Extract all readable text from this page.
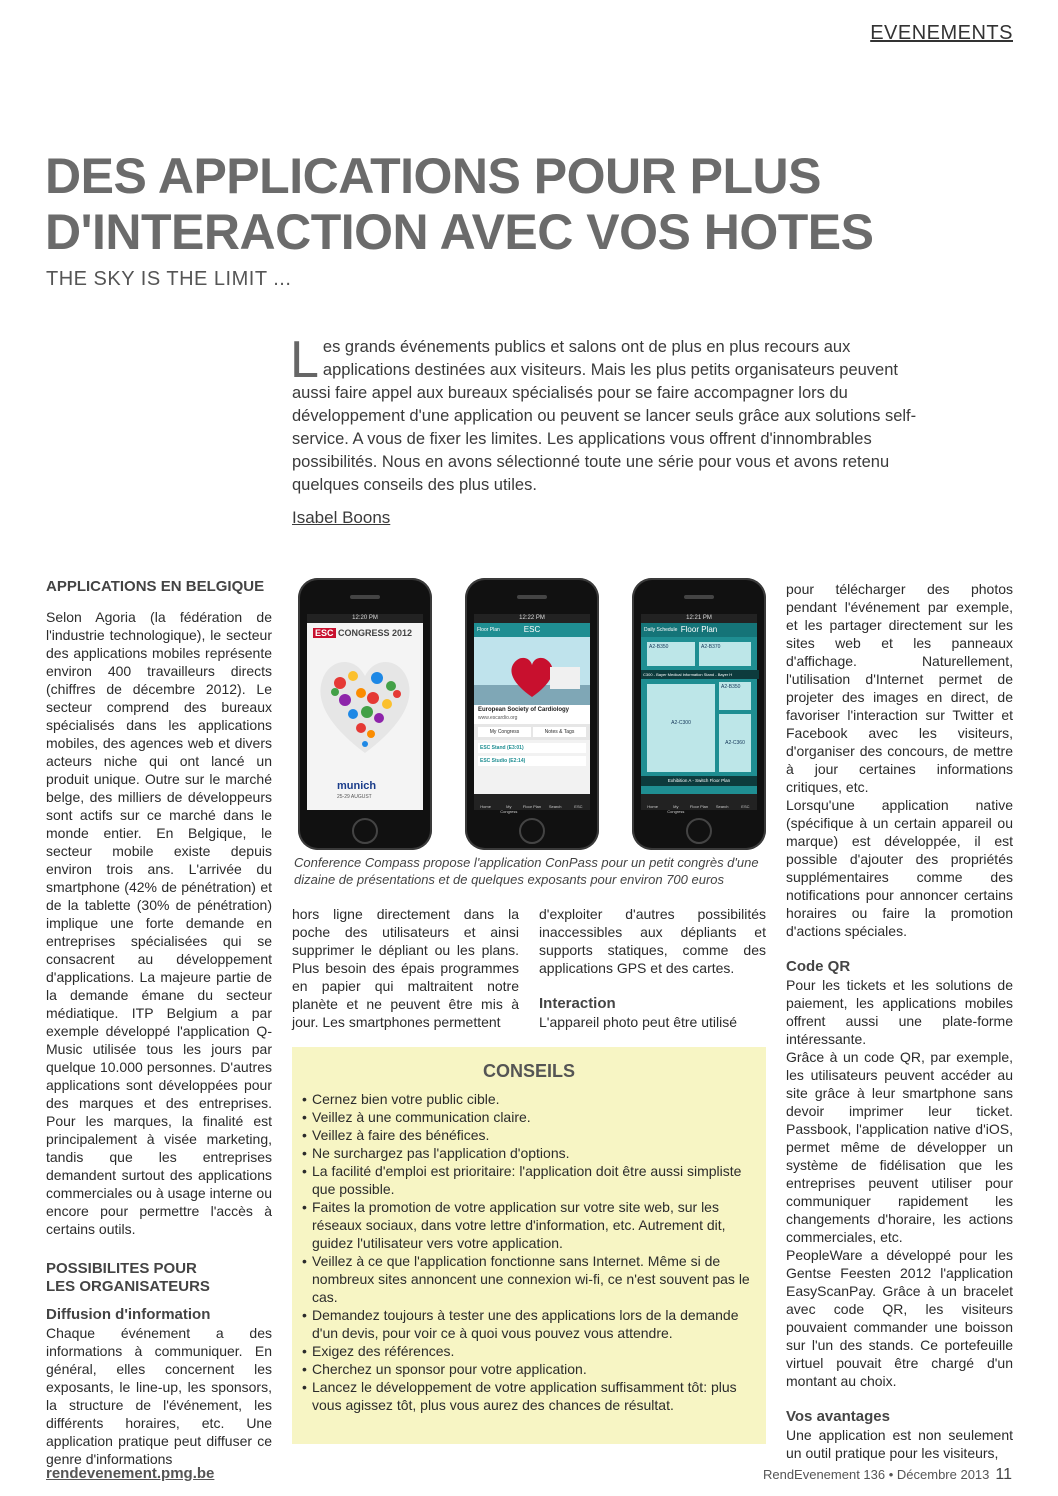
EVENEMENTS
DES APPLICATIONS POUR PLUS
D'INTERACTION AVEC VOS HOTES
THE SKY IS THE LIMIT ...

Les grands événements publics et salons ont de plus en plus recours aux applications destinées aux visiteurs. Mais les plus petits organisateurs peuvent aussi faire appel aux bureaux spécialisés pour se faire accompagner lors du développement d'une application ou peuvent se lancer seuls grâce aux solutions self-service. A vous de fixer les limites. Les applications vous offrent d'innombrables possibilités. Nous en avons sélectionné toute une série pour vous et avons retenu quelques conseils des plus utiles.

Isabel Boons
APPLICATIONS EN BELGIQUE

Selon Agoria (la fédération de l'industrie technologique), le secteur des applications mobiles représente environ 400 travailleurs directs (chiffres de décembre 2012). Le secteur comprend des bureaux spécialisés dans les applications mobiles, des agences web et divers acteurs niche qui ont lancé un produit unique. Outre sur le marché belge, des milliers de développeurs sont actifs sur ce marché dans le monde entier. En Belgique, le secteur mobile existe depuis environ trois ans. L'arrivée du smartphone (42% de pénétration) et de la tablette (30% de pénétration) implique une forte demande en entreprises spécialisées qui se consacrent au développement d'applications. La majeure partie de la demande émane du secteur médiatique. ITP Belgium a par exemple développé l'application Q-Music utilisée tous les jours par quelque 10.000 personnes. D'autres applications sont développées pour des marques et des entreprises. Pour les marques, la finalité est principalement à visée marketing, tandis que les entreprises demandent surtout des applications commerciales ou à usage interne ou encore pour permettre l'accès à certains outils.

POSSIBILITES POUR
LES ORGANISATEURS
Diffusion d'information

Chaque événement a des informations à communiquer. En général, elles concernent les exposants, le line-up, les sponsors, la structure de l'événement, les différents horaires, etc. Une application pratique peut diffuser ce genre d'informations

12:20 PM
ESC CONGRESS 2012
munich
25-29 AUGUST
12:22 PM
Floor Plan	ESC
European Society of Cardiology
www.escardio.org
My Congress	Notes & Tags
ESC Stand (E3:01)
ESC Studio (E2:14)
Home	My Congress
Floor Plan	Search	ESC
12:21 PM
Daily Schedule Floor Plan
A2-B350	A2-B370
C300 - Bayer Medical Information Stand - Bayer H
A2-B350
A2-C300
A2-C360
Exhibition A - Switch Floor Plan
Home	My Congress
Floor Plan	Search	ESC
Conference Compass propose l'application ConPass pour un petit congrès d'une dizaine de présentations et de quelques exposants pour environ 700 euros

hors ligne directement dans la poche des utilisateurs et ainsi supprimer le dépliant ou les plans. Plus besoin des épais programmes en papier qui maltraitent notre planète et ne peuvent être mis à jour. Les smartphones permettent

d'exploiter d'autres possibilités inaccessibles aux dépliants et supports statiques, comme des applications GPS et des cartes.

Interaction

L'appareil photo peut être utilisé

pour télécharger des photos pendant l'événement par exemple, et les partager directement sur les sites web et les panneaux d'affichage. Naturellement, l'utilisation d'Internet permet de projeter des images en direct, de favoriser l'interaction sur Twitter et Facebook avec les visiteurs, d'organiser des concours, de mettre à jour certaines informations critiques, etc.

Lorsqu'une application native (spécifique à un certain appareil ou marque) est développée, il est possible d'ajouter des propriétés supplémentaires comme des notifications pour annoncer certains horaires ou faire la promotion d'actions spéciales.

Code QR

Pour les tickets et les solutions de paiement, les applications mobiles offrent aussi une plate-forme intéressante.

Grâce à un code QR, par exemple, les utilisateurs peuvent accéder au site grâce à leur smartphone sans devoir imprimer leur ticket. Passbook, l'application native d'iOS, permet même de développer un système de fidélisation que les entreprises peuvent utiliser pour communiquer rapidement les changements d'horaire, les actions commerciales, etc.

PeopleWare a développé pour les Gentse Feesten 2012 l'application EasyScanPay. Grâce à un bracelet avec code QR, les visiteurs pouvaient commander une boisson sur l'un des stands. Ce portefeuille virtuel pouvait être chargé d'un montant au choix.

Vos avantages

Une application est non seulement un outil pratique pour les visiteurs,

CONSEILS
• Cernez bien votre public cible.
• Veillez à une communication claire.
• Veillez à faire des bénéfices.
• Ne surchargez pas l'application d'options.
• La facilité d'emploi est prioritaire: l'application doit être aussi simpliste que possible.
• Faites la promotion de votre application sur votre site web, sur les réseaux sociaux, dans votre lettre d'information, etc. Autrement dit, guidez l'utilisateur vers votre application.
• Veillez à ce que l'application fonctionne sans Internet. Même si de nombreux sites annoncent une connexion wi-fi, ce n'est souvent pas le cas.
• Demandez toujours à tester une des applications lors de la demande d'un devis, pour voir ce à quoi vous pouvez vous attendre.
• Exigez des références.
• Cherchez un sponsor pour votre application.
• Lancez le développement de votre application suffisamment tôt: plus vous agissez tôt, plus vous aurez des chances de résultat.
rendevenement.pmg.be	RendEvenement 136 • Décembre 2013 11
